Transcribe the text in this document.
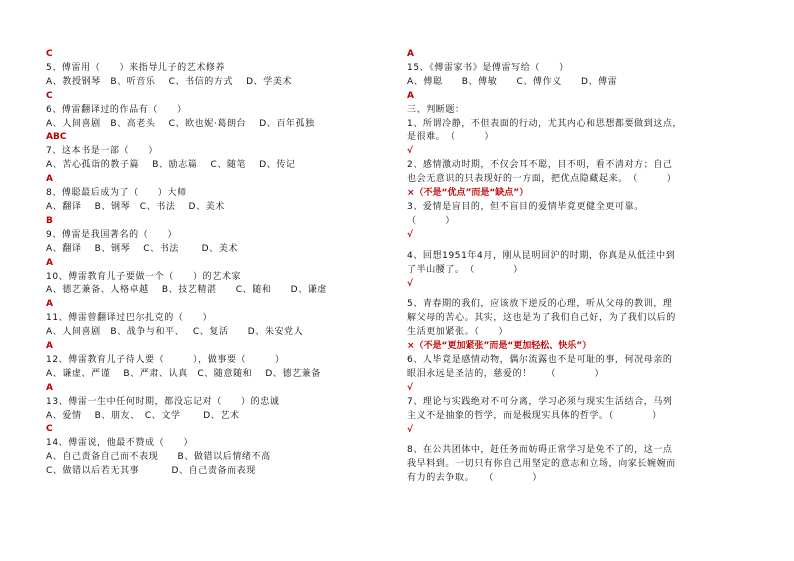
C
5、傅雷用（　　）来指导儿子的艺术修养
A、教授钢琴　B、听音乐　 C、书信的方式　 D、学美术
C
6、傅雷翻译过的作品有（　　）
A、人间喜剧　B、高老头　 C、欧也妮·葛朗台　 D、百年孤独
ABC
7、这本书是一部（　　）
A、苦心孤诣的教子篇　 B、励志篇　 C、随笔　 D、传记
A
8、傅聪最后成为了（　　）大师
A、翻译　 B、钢琴　C、书法　 D、美术
B
9、傅雷是我国著名的（　　）
A、翻译　 B、钢琴　 C、书法　　 D、美术
A
10、傅雷教育儿子要做一个（　　）的艺术家
A、德艺兼备、人格卓越　 B、技艺精湛　　C、随和　　D、谦虚
A
11、傅雷曾翻译过巴尔扎克的（　　）
A、人间喜剧　B、战争与和平、　 C、复活　　D、朱安党人
A
12、傅雷教育儿子待人要（　　　），做事要（　　　）
A、谦虚、严谨　 B、严肃、认真　C、随意随和　 D、德艺兼备
A
13、傅雷一生中任何时期，都没忘记对（　　）的忠诚
A、爱情　 B、朋友、　C、文学　　 D、艺术
C
14、傅雷说，他最不赞成（　　）
A、自己责备自己而不表现　　B、做错以后情绪不高
C、做错以后若无其事　　　 D、自己责备而表现
A
15、《傅雷家书》是傅雷写给（　　）
A、傅聪　　B、傅敏　　C、傅作义　　D、傅雷
A
三、判断题：
1、所谓冷静，不但表面的行动，尤其内心和思想都要做到这点，
是很难。　（　　　）
√
2、感情激动时期，不仅会耳不聪，目不明，看不清对方；自己
也会无意识的只表现好的一方面，把优点隐藏起来。　（　　　）
×（不是“优点”而是“缺点”）
3、爱情是盲目的，但不盲目的爱情毕竟更健全更可靠。
（　　　）
√
4、回想1951年4月，刚从昆明回沪的时期，你真是从低洼中到
了半山腰了。　（　　　　）
√
5、青春期的我们，应该放下逆反的心理，听从父母的教训，理
解父母的苦心。其实，这也是为了我们自己好，为了我们以后的
生活更加紧张。（　　）
×（不是“更加紧张”而是“更加轻松、快乐”）
6、人毕竟是感情动物，偶尔流露也不是可耻的事，何况母亲的
眼泪永远是圣洁的，慈爱的！　　（　　　　）
√
7、理论与实践绝对不可分离，学习必须与现实生活结合，马列
主义不是抽象的哲学，而是极现实具体的哲学。（　　　　）
√
8、在公共团体中，赶任务而妨碍正常学习是免不了的，这一点
我早料到。一切只有你自己用坚定的意志和立场，向家长婉婉而
有力的去争取。　　（　　　　）
